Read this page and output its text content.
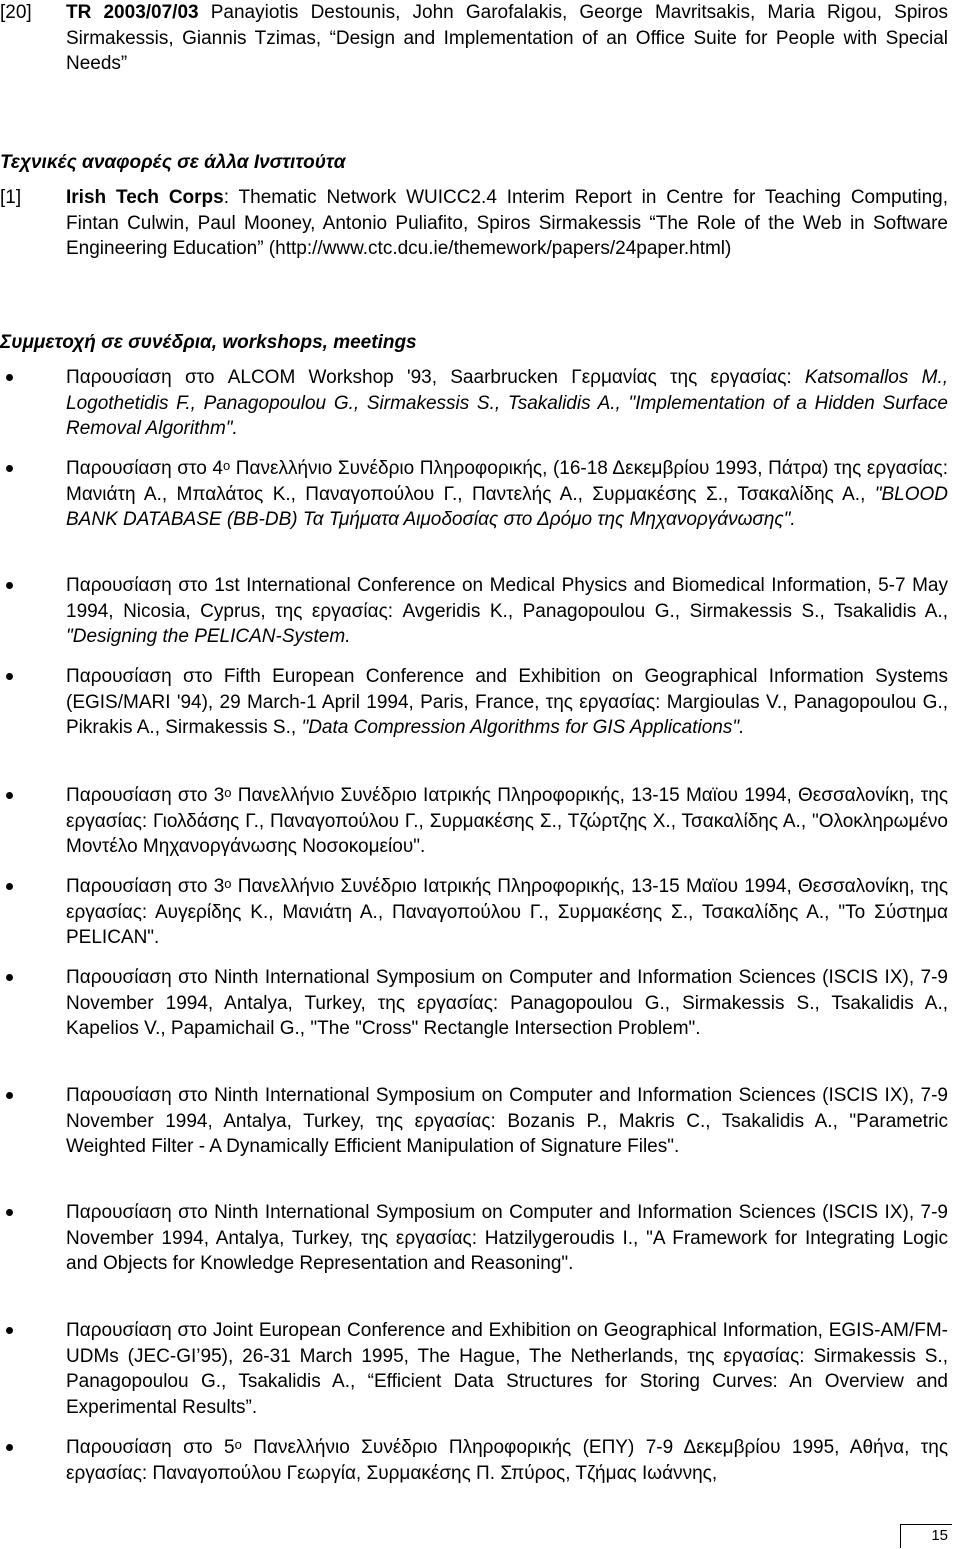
[20] TR 2003/07/03 Panayiotis Destounis, John Garofalakis, George Mavritsakis, Maria Rigou, Spiros Sirmakessis, Giannis Tzimas, “Design and Implementation of an Office Suite for People with Special Needs”
Τεχνικές αναφορές σε άλλα Ινστιτούτα
[1] Irish Tech Corps: Thematic Network WUICC2.4 Interim Report in Centre for Teaching Computing, Fintan Culwin, Paul Mooney, Antonio Puliafito, Spiros Sirmakessis “The Role of the Web in Software Engineering Education” (http://www.ctc.dcu.ie/themework/papers/24paper.html)
Συμμετοχή σε συνέδρια, workshops, meetings
Παρουσίαση στο ALCOM Workshop '93, Saarbrucken Γερμανίας της εργασίας: Katsomallos M., Logothetidis F., Panagopoulou G., Sirmakessis S., Tsakalidis A., "Implementation of a Hidden Surface Removal Algorithm".
Παρουσίαση στο $4^o$ Πανελλήνιο Συνέδριο Πληροφορικής, (16-18 Δεκεμβρίου 1993, Πάτρα) της εργασίας: Μανιάτη Α., Μπαλάτος Κ., Παναγοπούλου Γ., Παντελής Α., Συρμακέσης Σ., Τσακαλίδης Α., "BLOOD BANK DATABASE (BB-DB) Τα Τμήματα Αιμοδοσίας στο Δρόμο της Μηχανοργάνωσης".
Παρουσίαση στο 1st International Conference on Medical Physics and Biomedical Information, 5-7 May 1994, Nicosia, Cyprus, της εργασίας: Avgeridis K., Panagopoulou G., Sirmakessis S., Tsakalidis A., "Designing the PELICAN-System.
Παρουσίαση στο Fifth European Conference and Exhibition on Geographical Information Systems (EGIS/MARI '94), 29 March-1 April 1994, Paris, France, της εργασίας: Margioulas V., Panagopoulou G., Pikrakis A., Sirmakessis S., "Data Compression Algorithms for GIS Applications".
Παρουσίαση στο $3^o$ Πανελλήνιο Συνέδριο Ιατρικής Πληροφορικής, 13-15 Μαϊου 1994, Θεσσαλονίκη, της εργασίας: Γιολδάσης Γ., Παναγοπούλου Γ., Συρμακέσης Σ., Τζώρτζης Χ., Τσακαλίδης Α., "Ολοκληρωμένο Μοντέλο Μηχανοργάνωσης Νοσοκομείου".
Παρουσίαση στο $3^o$ Πανελλήνιο Συνέδριο Ιατρικής Πληροφορικής, 13-15 Μαϊου 1994, Θεσσαλονίκη, της εργασίας: Αυγερίδης Κ., Μανιάτη Α., Παναγοπούλου Γ., Συρμακέσης Σ., Τσακαλίδης Α., "Το Σύστημα PELICAN".
Παρουσίαση στο Ninth International Symposium on Computer and Information Sciences (ISCIS IX), 7-9 November 1994, Antalya, Turkey, της εργασίας: Panagopoulou G., Sirmakessis S., Tsakalidis A., Kapelios V., Papamichail G., "The "Cross" Rectangle Intersection Problem".
Παρουσίαση στο Ninth International Symposium on Computer and Information Sciences (ISCIS IX), 7-9 November 1994, Antalya, Turkey, της εργασίας: Bozanis P., Makris C., Tsakalidis A., "Parametric Weighted Filter - A Dynamically Efficient Manipulation of Signature Files".
Παρουσίαση στο Ninth International Symposium on Computer and Information Sciences (ISCIS IX), 7-9 November 1994, Antalya, Turkey, της εργασίας: Hatzilygeroudis I., "A Framework for Integrating Logic and Objects for Knowledge Representation and Reasoning".
Παρουσίαση στο Joint European Conference and Exhibition on Geographical Information, EGIS-AM/FM-UDMs (JEC-GI’95), 26-31 March 1995, The Hague, The Netherlands, της εργασίας: Sirmakessis S., Panagopoulou G., Tsakalidis A., “Efficient Data Structures for Storing Curves: An Overview and Experimental Results”.
Παρουσίαση στο $5^o$ Πανελλήνιο Συνέδριο Πληροφορικής (ΕΠΥ) 7-9 Δεκεμβρίου 1995, Αθήνα, της εργασίας: Παναγοπούλου Γεωργία, Συρμακέσης Π. Σπύρος, Τζήμας Ιωάννης,
15
